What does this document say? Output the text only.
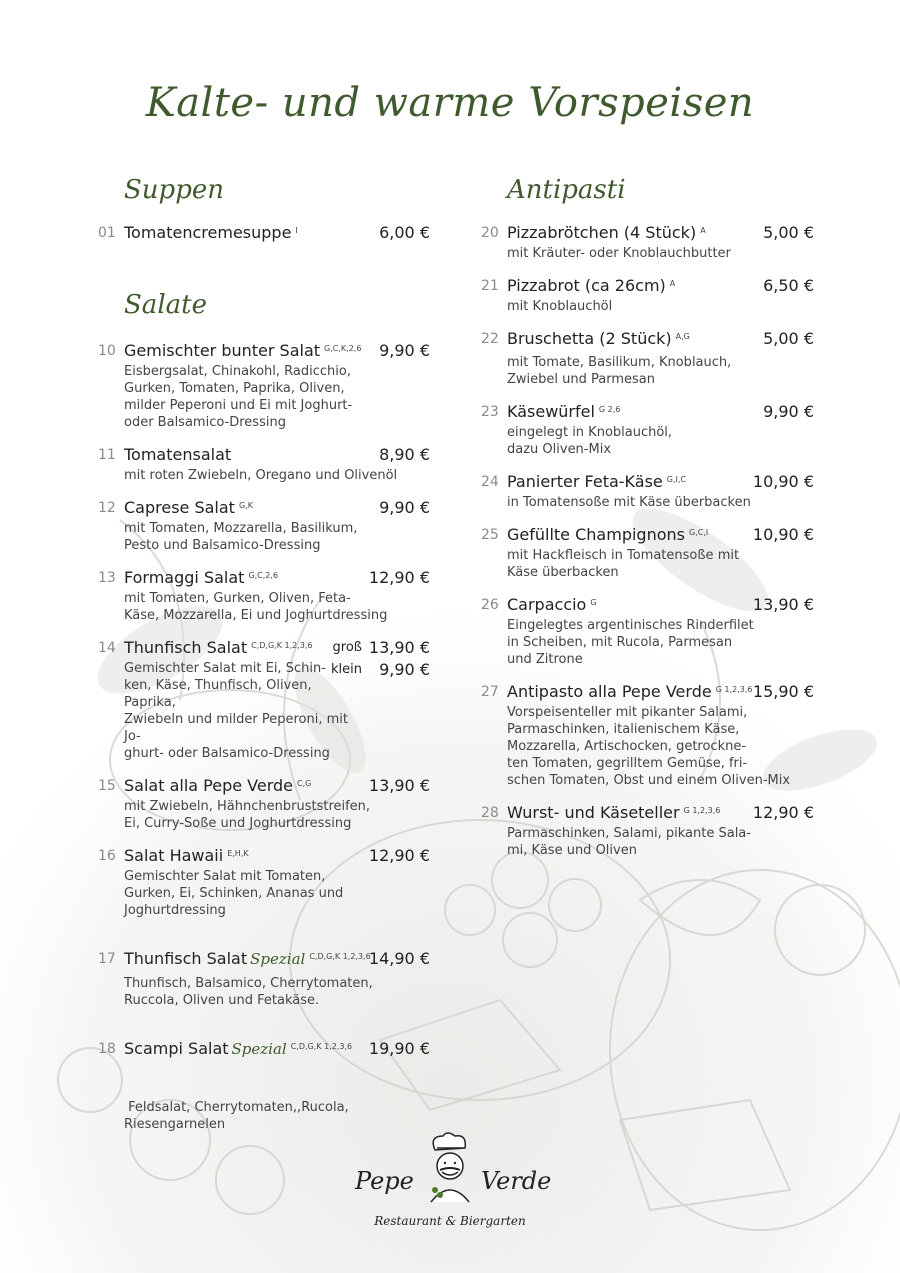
Kalte- und warme Vorspeisen
Suppen
01 Tomatencremesuppe $^I$	6,00 €
Salate
10 Gemischter bunter Salat $^{G,C,K,2,6}$	9,90 €
Eisbergsalat, Chinakohl, Radicchio,
Gurken, Tomaten, Paprika, Oliven,
milder Peperoni und Ei mit Joghurt-
oder Balsamico-Dressing
11 Tomatensalat	8,90 €
mit roten Zwiebeln, Oregano und Olivenöl
12 Caprese Salat $^{G,K}$	9,90 €
mit Tomaten, Mozzarella, Basilikum,
Pesto und Balsamico-Dressing
13 Formaggi Salat $^{G,C,2,6}$	12,90 €
mit Tomaten, Gurken, Oliven, Feta-
Käse, Mozzarella, Ei und Joghurtdressing
14 Thunfisch Salat $^{C,D,G,K 1,2,3,6}$	groß 13,90 €
Gemischter Salat mit Ei, Schin-
ken, Käse, Thunfisch, Oliven, Paprika,
Zwiebeln und milder Peperoni, mit Jo-
ghurt- oder Balsamico-Dressing
klein 9,90 €
15 Salat alla Pepe Verde $^{C,G}$	13,90 €
mit Zwiebeln, Hähnchenbruststreifen,
Ei, Curry-Soße und Joghurtdressing
16 Salat Hawaii $^{E,H,K}$	12,90 €
Gemischter Salat mit Tomaten,
Gurken, Ei, Schinken, Ananas und
Joghurtdressing
17 Thunfisch Salat Spezial $^{C,D,G,K 1,2,3,6}$
14,90 €
Thunfisch, Balsamico, Cherrytomaten,
Ruccola, Oliven und Fetakäse.
18 Scampi Salat Spezial $^{C,D,G,K 1,2,3,6}$	19,90 €

Feldsalat, Cherrytomaten,,Rucola,
Riesengarnelen

Antipasti
20 Pizzabrötchen (4 Stück) $^A$	5,00 €
mit Kräuter- oder Knoblauchbutter
21 Pizzabrot (ca 26cm) $^A$	6,50 €
mit Knoblauchöl
22 Bruschetta (2 Stück) $^{A,G}$	5,00 €
mit Tomate, Basilikum, Knoblauch,
Zwiebel und Parmesan
23 Käsewürfel $^{G 2,6}$	9,90 €
eingelegt in Knoblauchöl,
dazu Oliven-Mix
24 Panierter Feta-Käse $^{G,I,C}$	10,90 €
in Tomatensoße mit Käse überbacken
25 Gefüllte Champignons $^{G,C,I}$	10,90 €
mit Hackfleisch in Tomatensoße mit
Käse überbacken
26 Carpaccio $^G$	13,90 €
Eingelegtes argentinisches Rinderfilet
in Scheiben, mit Rucola, Parmesan
und Zitrone
27 Antipasto alla Pepe Verde $^{G 1,2,3,6}$ 15,90 €
Vorspeisenteller mit pikanter Salami,
Parmaschinken, italienischem Käse,
Mozzarella, Artischocken, getrockne-
ten Tomaten, gegrilltem Gemüse, fri-
schen Tomaten, Obst und einem Oliven-Mix
28 Wurst- und Käseteller $^{G 1,2,3,6}$	12,90 €
Parmaschinken, Salami, pikante Sala-
mi, Käse und Oliven
Pepe	Verde
Restaurant & Biergarten
